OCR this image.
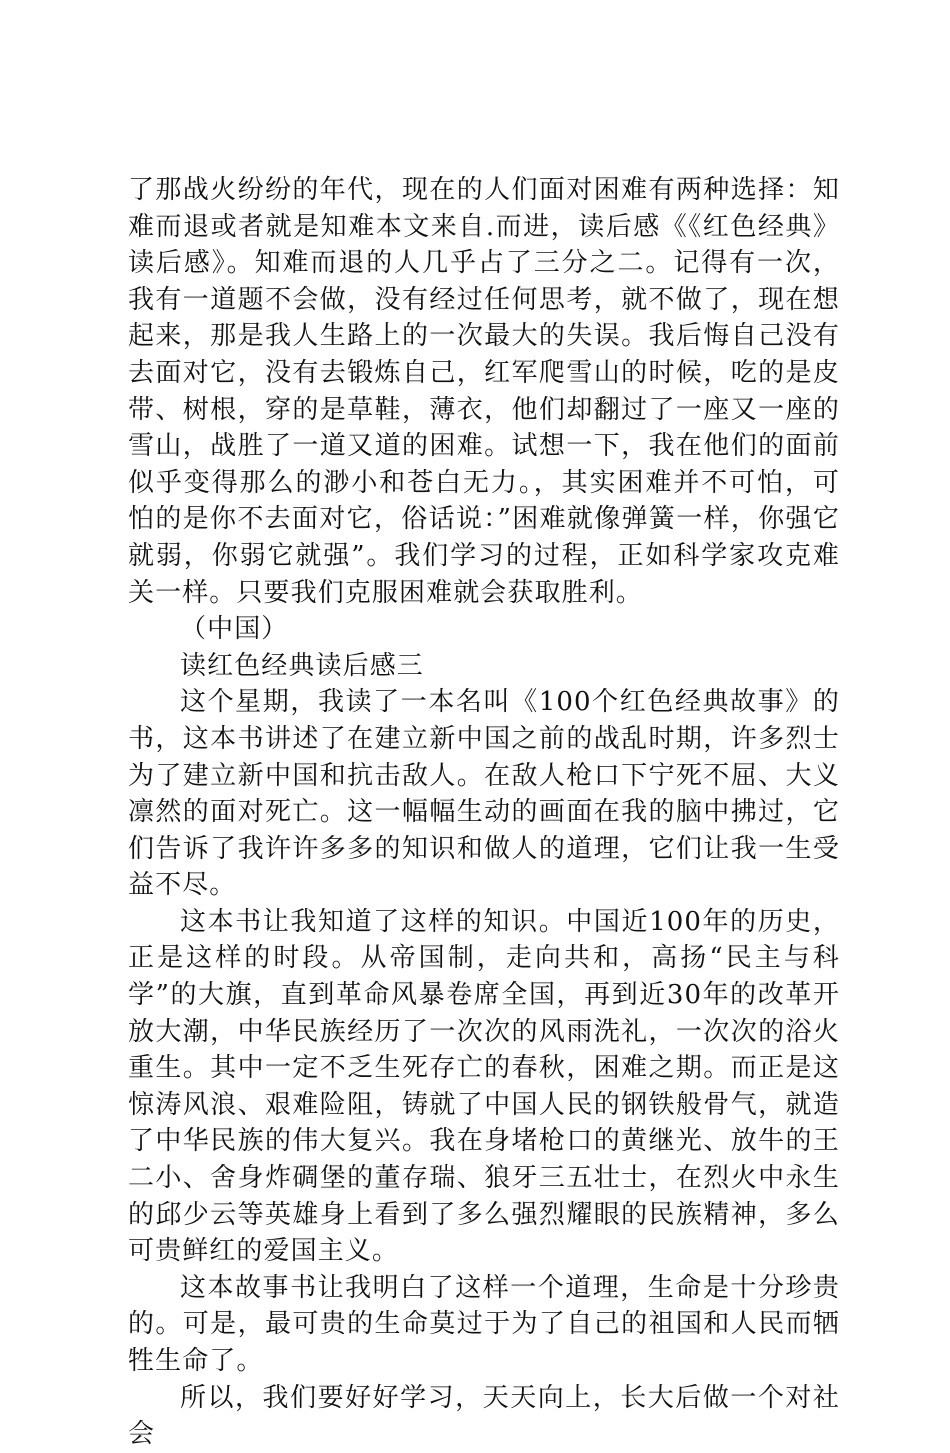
了那战火纷纷的年代，现在的人们面对困难有两种选择：知难而退或者就是知难本文来自.而进，读后感《《红色经典》读后感》。知难而退的人几乎占了三分之二。记得有一次，我有一道题不会做，没有经过任何思考，就不做了，现在想起来，那是我人生路上的一次最大的失误。我后悔自己没有去面对它，没有去锻炼自己，红军爬雪山的时候，吃的是皮带、树根，穿的是草鞋，薄衣，他们却翻过了一座又一座的雪山，战胜了一道又道的困难。试想一下，我在他们的面前似乎变得那么的渺小和苍白无力。，其实困难并不可怕，可怕的是你不去面对它，俗话说：”困难就像弹簧一样，你强它就弱，你弱它就强”。我们学习的过程，正如科学家攻克难关一样。只要我们克服困难就会获取胜利。

（中国）

读红色经典读后感三

这个星期，我读了一本名叫《100个红色经典故事》的书，这本书讲述了在建立新中国之前的战乱时期，许多烈士为了建立新中国和抗击敌人。在敌人枪口下宁死不屈、大义凛然的面对死亡。这一幅幅生动的画面在我的脑中拂过，它们告诉了我许许多多的知识和做人的道理，它们让我一生受益不尽。

这本书让我知道了这样的知识。中国近100年的历史，正是这样的时段。从帝国制，走向共和，高扬“民主与科学”的大旗，直到革命风暴卷席全国，再到近30年的改革开放大潮，中华民族经历了一次次的风雨洗礼，一次次的浴火重生。其中一定不乏生死存亡的春秋，困难之期。而正是这惊涛风浪、艰难险阻，铸就了中国人民的钢铁般骨气，就造了中华民族的伟大复兴。我在身堵枪口的黄继光、放牛的王二小、舍身炸碉堡的董存瑞、狼牙三五壮士，在烈火中永生的邱少云等英雄身上看到了多么强烈耀眼的民族精神，多么可贵鲜红的爱国主义。

这本故事书让我明白了这样一个道理，生命是十分珍贵的。可是，最可贵的生命莫过于为了自己的祖国和人民而牺牲生命了。

所以，我们要好好学习，天天向上，长大后做一个对社会
